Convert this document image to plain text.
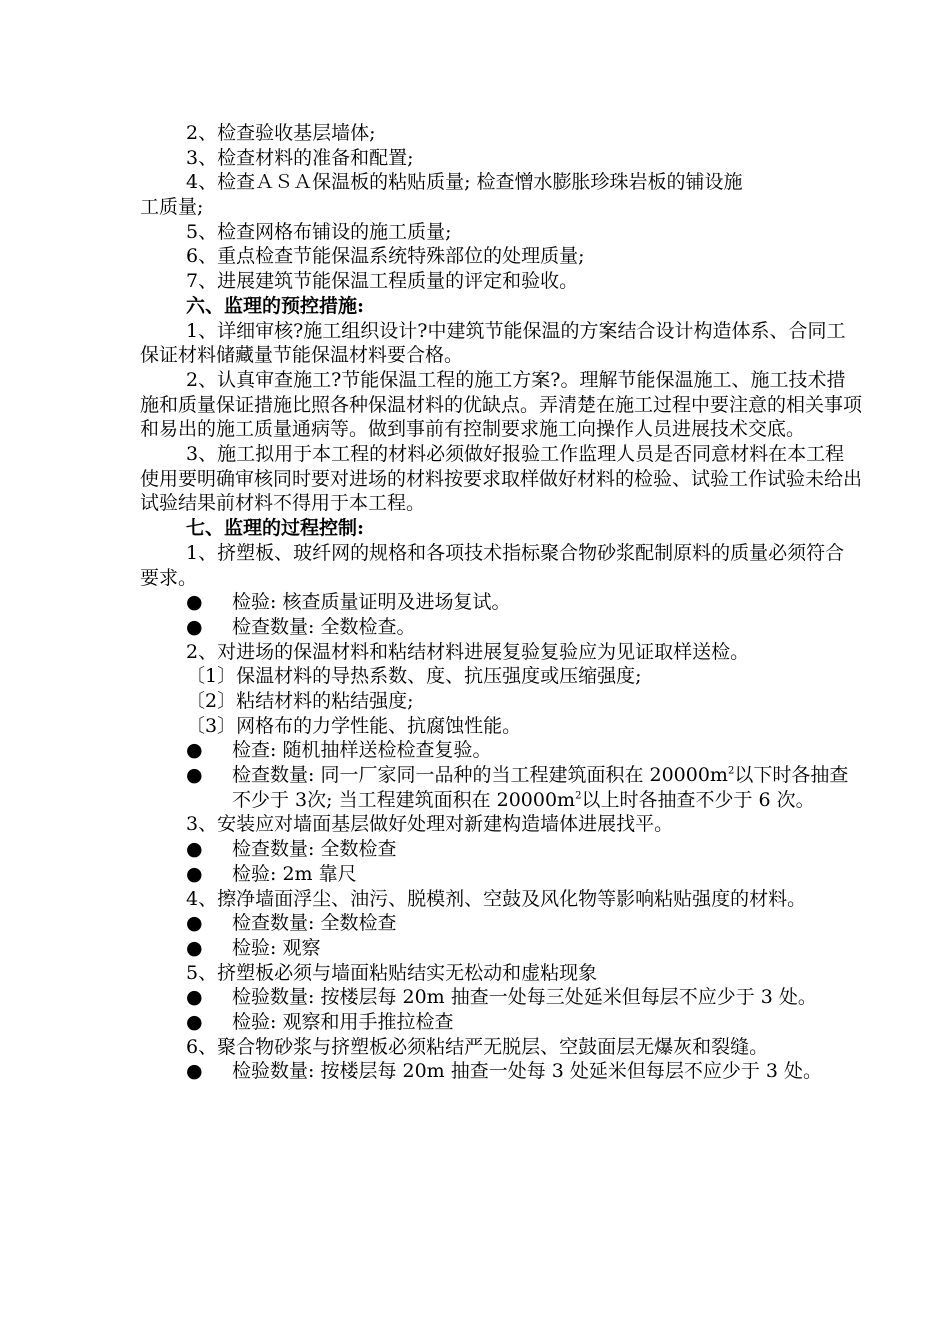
2、检查验收基层墙体;
3、检查材料的准备和配置;
4、检查ＡＳＡ保温板的粘贴质量; 检查憎水膨胀珍珠岩板的铺设施
工质量;
5、检查网格布铺设的施工质量;
6、重点检查节能保温系统特殊部位的处理质量;
7、进展建筑节能保温工程质量的评定和验收。
六、监理的预控措施:
1、详细审核?施工组织设计?中建筑节能保温的方案结合设计构造体系、合同工保证材料储藏量节能保温材料要合格。
2、认真审查施工?节能保温工程的施工方案?。理解节能保温施工、施工技术措施和质量保证措施比照各种保温材料的优缺点。弄清楚在施工过程中要注意的相关事项和易出的施工质量通病等。做到事前有控制要求施工向操作人员进展技术交底。
3、施工拟用于本工程的材料必须做好报验工作监理人员是否同意材料在本工程使用要明确审核同时要对进场的材料按要求取样做好材料的检验、试验工作试验未给出试验结果前材料不得用于本工程。
七、监理的过程控制:
1、挤塑板、玻纤网的规格和各项技术指标聚合物砂浆配制原料的质量必须符合要求。
●	检验: 核查质量证明及进场复试。
●	检查数量: 全数检查。
2、对进场的保温材料和粘结材料进展复验复验应为见证取样送检。
〔1〕保温材料的导热系数、度、抗压强度或压缩强度;
〔2〕粘结材料的粘结强度;
〔3〕网格布的力学性能、抗腐蚀性能。
●	检查: 随机抽样送检检查复验。
●	检查数量: 同一厂家同一品种的当工程建筑面积在 $20000m^2$以下时各抽查不少于 3次; 当工程建筑面积在 $20000m^2$以上时各抽查不少于 6 次。
3、安装应对墙面基层做好处理对新建构造墙体进展找平。
●	检查数量: 全数检查
●	检验: 2m 靠尺
4、擦净墙面浮尘、油污、脱模剂、空鼓及风化物等影响粘贴强度的材料。
●	检查数量: 全数检查
●	检验: 观察
5、挤塑板必须与墙面粘贴结实无松动和虚粘现象
●	检验数量: 按楼层每 20m 抽查一处每三处延米但每层不应少于 3 处。
●	检验: 观察和用手推拉检查
6、聚合物砂浆与挤塑板必须粘结严无脱层、空鼓面层无爆灰和裂缝。
●	检验数量: 按楼层每 20m 抽查一处每 3 处延米但每层不应少于 3 处。
